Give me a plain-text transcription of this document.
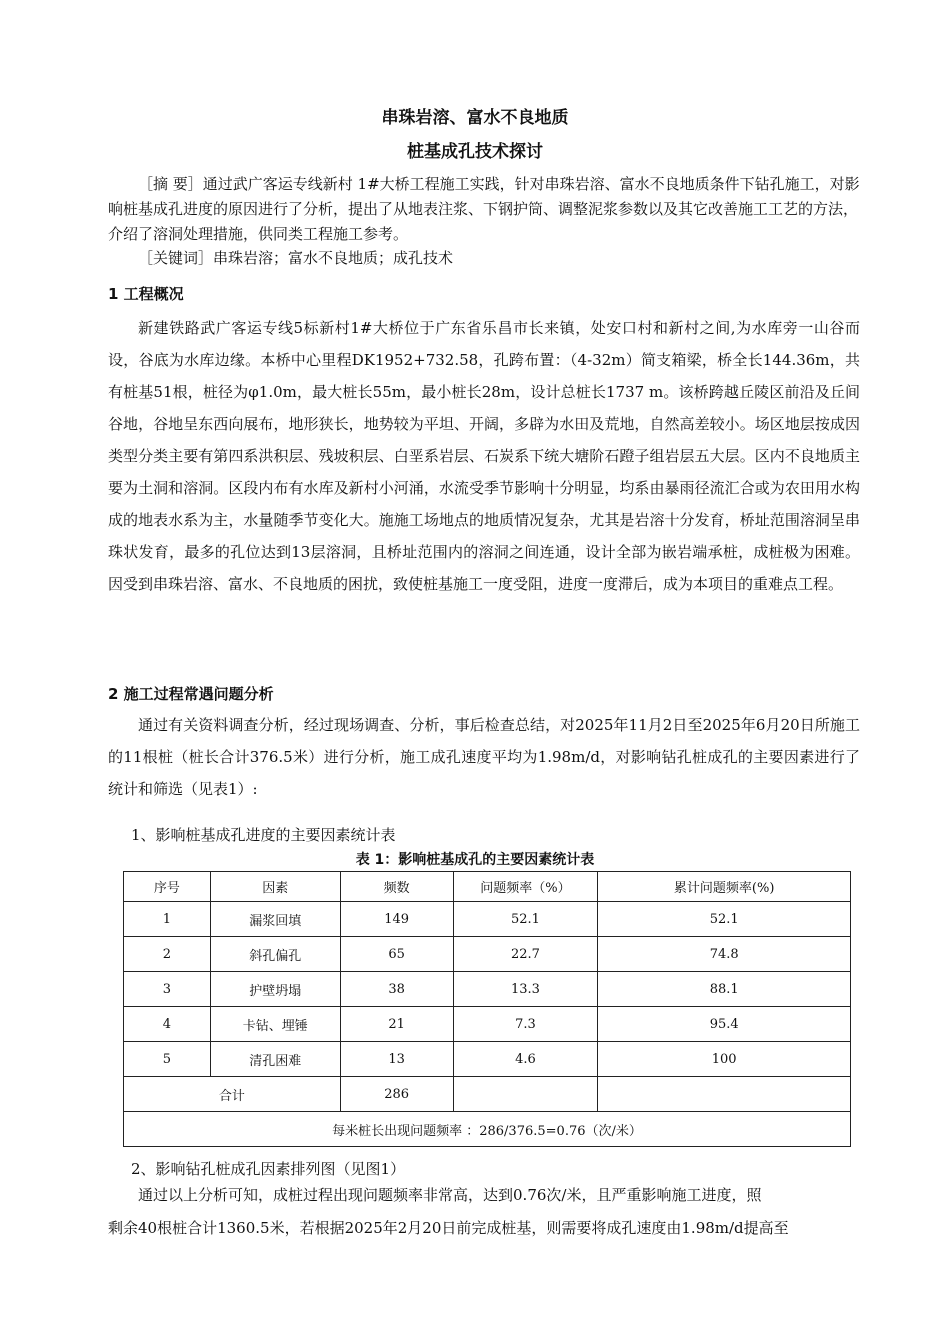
串珠岩溶、富水不良地质
桩基成孔技术探讨
［摘 要］通过武广客运专线新村 1#大桥工程施工实践，针对串珠岩溶、富水不良地质条件下钻孔施工，对影响桩基成孔进度的原因进行了分析，提出了从地表注浆、下钢护筒、调整泥浆参数以及其它改善施工工艺的方法，介绍了溶洞处理措施，供同类工程施工参考。
［关键词］串珠岩溶；富水不良地质；成孔技术
1 工程概况
新建铁路武广客运专线5标新村1#大桥位于广东省乐昌市长来镇，处安口村和新村之间,为水库旁一山谷而设，谷底为水库边缘。本桥中心里程DK1952+732.58，孔跨布置：（4-32m）简支箱梁，桥全长144.36m，共有桩基51根，桩径为φ1.0m，最大桩长55m，最小桩长28m，设计总桩长1737 m。该桥跨越丘陵区前沿及丘间谷地，谷地呈东西向展布，地形狭长，地势较为平坦、开阔，多辟为水田及荒地，自然高差较小。场区地层按成因类型分类主要有第四系洪积层、残坡积层、白垩系岩层、石炭系下统大塘阶石蹬子组岩层五大层。区内不良地质主要为土洞和溶洞。区段内布有水库及新村小河涌，水流受季节影响十分明显，均系由暴雨径流汇合或为农田用水构成的地表水系为主，水量随季节变化大。施施工场地点的地质情况复杂，尤其是岩溶十分发育，桥址范围溶洞呈串珠状发育，最多的孔位达到13层溶洞，且桥址范围内的溶洞之间连通，设计全部为嵌岩端承桩，成桩极为困难。因受到串珠岩溶、富水、不良地质的困扰，致使桩基施工一度受阻，进度一度滞后，成为本项目的重难点工程。
2 施工过程常遇问题分析
通过有关资料调查分析，经过现场调查、分析，事后检查总结，对2025年11月2日至2025年6月20日所施工的11根桩（桩长合计376.5米）进行分析，施工成孔速度平均为1.98m/d，对影响钻孔桩成孔的主要因素进行了统计和筛选（见表1）:
1、影响桩基成孔进度的主要因素统计表
表 1：影响桩基成孔的主要因素统计表
序号	因素	频数	问题频率（%）	累计问题频率(%)
1	漏浆回填	149	52.1	52.1
2	斜孔偏孔	65	22.7	74.8
3	护壁坍塌	38	13.3	88.1
4	卡钻、埋锤	21	7.3	95.4
5	清孔困难	13	4.6	100
合计		286		
每米桩长出现问题频率 ：286/376.5=0.76（次/米）				
2、影响钻孔桩成孔因素排列图（见图1）
通过以上分析可知，成桩过程出现问题频率非常高，达到0.76次/米，且严重影响施工进度，照
剩余40根桩合计1360.5米，若根据2025年2月20日前完成桩基，则需要将成孔速度由1.98m/d提高至
